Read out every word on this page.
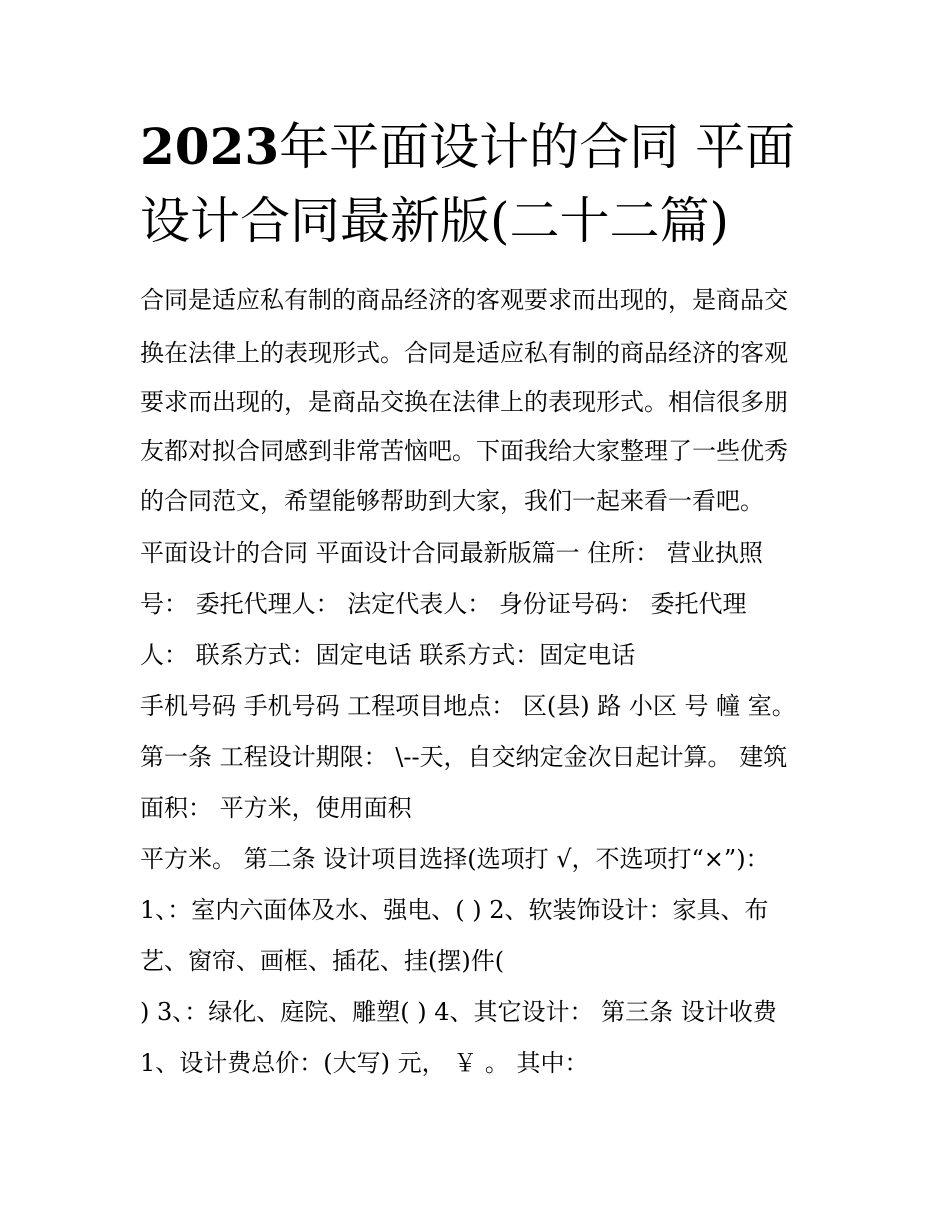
2023年平面设计的合同 平面
设计合同最新版(二十二篇)
合同是适应私有制的商品经济的客观要求而出现的，是商品交
换在法律上的表现形式。合同是适应私有制的商品经济的客观
要求而出现的，是商品交换在法律上的表现形式。相信很多朋
友都对拟合同感到非常苦恼吧。下面我给大家整理了一些优秀
的合同范文，希望能够帮助到大家，我们一起来看一看吧。
平面设计的合同 平面设计合同最新版篇一 住所： 营业执照
号： 委托代理人： 法定代表人： 身份证号码： 委托代理
人： 联系方式：固定电话 联系方式：固定电话
手机号码 手机号码 工程项目地点： 区(县) 路 小区 号 幢 室。
第一条 工程设计期限： \--天，自交纳定金次日起计算。 建筑
面积： 平方米，使用面积
平方米。 第二条 设计项目选择(选项打 √，不选项打“×”)：
1、：室内六面体及水、强电、( ) 2、软装饰设计：家具、布
艺、窗帘、画框、插花、挂(摆)件(
) 3、：绿化、庭院、雕塑( ) 4、其它设计： 第三条 设计收费
1、设计费总价：(大写) 元， ￥ 。 其中：
